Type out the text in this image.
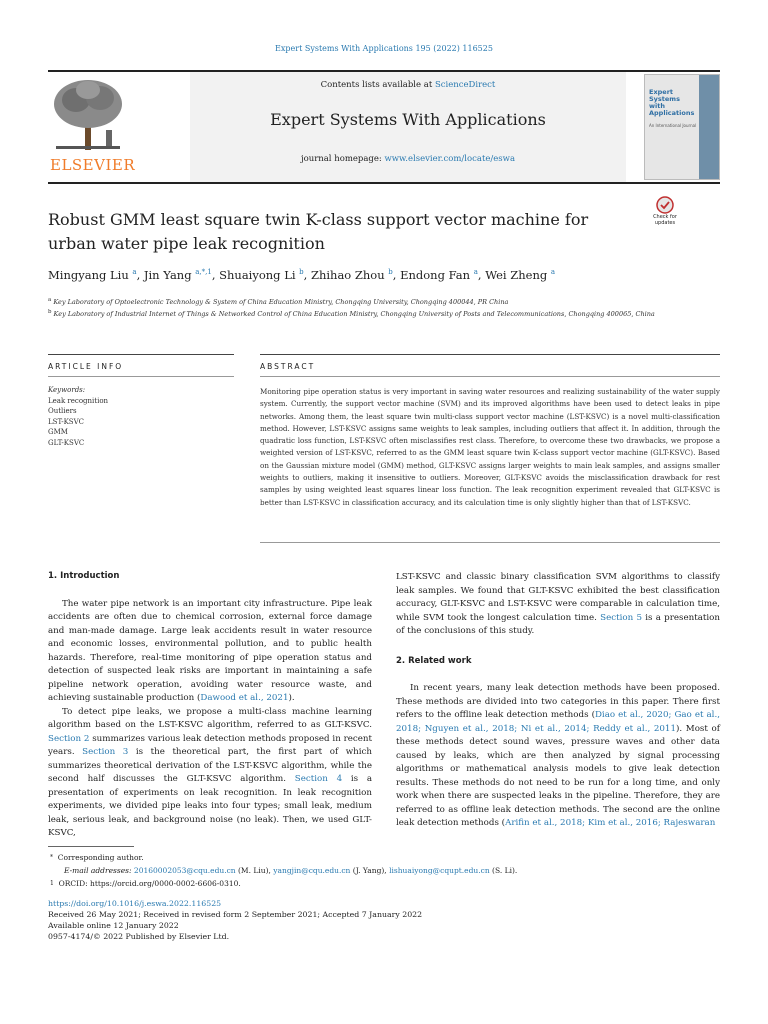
Expert Systems With Applications 195 (2022) 116525
ELSEVIER
Contents lists available at ScienceDirect
Expert Systems With Applications
journal homepage: www.elsevier.com/locate/eswa
Expert Systems with Applications
An International Journal
Robust GMM least square twin K-class support vector machine for urban water pipe leak recognition
Check for updates
Mingyang Liu $^a$, Jin Yang $^{a,*,1}$, Shuaiyong Li $^b$, Zhihao Zhou $^b$, Endong Fan $^a$, Wei Zheng $^a$
$^a$ Key Laboratory of Optoelectronic Technology & System of China Education Ministry, Chongqing University, Chongqing 400044, PR China
$^b$ Key Laboratory of Industrial Internet of Things & Networked Control of China Education Ministry, Chongqing University of Posts and Telecommunications, Chongqing 400065, China
ARTICLE INFO	ABSTRACT
Keywords:
Leak recognition
Outliers
LST-KSVC
GMM
GLT-KSVC
Monitoring pipe operation status is very important in saving water resources and realizing sustainability of the water supply system. Currently, the support vector machine (SVM) and its improved algorithms have been used to detect leaks in pipe networks. Among them, the least square twin multi-class support vector machine (LST-KSVC) is a novel multi-classification method. However, LST-KSVC assigns same weights to leak samples, including outliers that affect it. In addition, through the quadratic loss function, LST-KSVC often misclassifies rest class. Therefore, to overcome these two drawbacks, we propose a weighted version of LST-KSVC, referred to as the GMM least square twin K-class support vector machine (GLT-KSVC). Based on the Gaussian mixture model (GMM) method, GLT-KSVC assigns larger weights to main leak samples, and assigns smaller weights to outliers, making it insensitive to outliers. Moreover, GLT-KSVC avoids the misclassification drawback for rest samples by using weighted least squares linear loss function. The leak recognition experiment revealed that GLT-KSVC is better than LST-KSVC in classification accuracy, and its calculation time is only slightly higher than that of LST-KSVC.
1. Introduction

The water pipe network is an important city infrastructure. Pipe leak accidents are often due to chemical corrosion, external force damage and man-made damage. Large leak accidents result in water resource and economic losses, environmental pollution, and to public health hazards. Therefore, real-time monitoring of pipe operation status and detection of suspected leak risks are important in maintaining a safe pipeline network operation, avoiding water resource waste, and achieving sustainable production (Dawood et al., 2021).

To detect pipe leaks, we propose a multi-class machine learning algorithm based on the LST-KSVC algorithm, referred to as GLT-KSVC. Section 2 summarizes various leak detection methods proposed in recent years. Section 3 is the theoretical part, the first part of which summarizes theoretical derivation of the LST-KSVC algorithm, while the second half discusses the GLT-KSVC algorithm. Section 4 is a presentation of experiments on leak recognition. In leak recognition experiments, we divided pipe leaks into four types; small leak, medium leak, serious leak, and background noise (no leak). Then, we used GLT-KSVC,

LST-KSVC and classic binary classification SVM algorithms to classify leak samples. We found that GLT-KSVC exhibited the best classification accuracy, GLT-KSVC and LST-KSVC were comparable in calculation time, while SVM took the longest calculation time. Section 5 is a presentation of the conclusions of this study.

2. Related work

In recent years, many leak detection methods have been proposed. These methods are divided into two categories in this paper. There first refers to the offline leak detection methods (Diao et al., 2020; Gao et al., 2018; Nguyen et al., 2018; Ni et al., 2014; Reddy et al., 2011). Most of these methods detect sound waves, pressure waves and other data caused by leaks, which are then analyzed by signal processing algorithms or mathematical analysis models to give leak detection results. These methods do not need to be run for a long time, and only work when there are suspected leaks in the pipeline. Therefore, they are referred to as offline leak detection methods. The second are the online leak detection methods (Arifin et al., 2018; Kim et al., 2016; Rajeswaran

* Corresponding author.
E-mail addresses: 20160002053@cqu.edu.cn (M. Liu), yangjin@cqu.edu.cn (J. Yang), lishuaiyong@cqupt.edu.cn (S. Li).
$^1$ ORCID: https://orcid.org/0000-0002-6606-0310.
https://doi.org/10.1016/j.eswa.2022.116525
Received 26 May 2021; Received in revised form 2 September 2021; Accepted 7 January 2022
Available online 12 January 2022
0957-4174/© 2022 Published by Elsevier Ltd.
